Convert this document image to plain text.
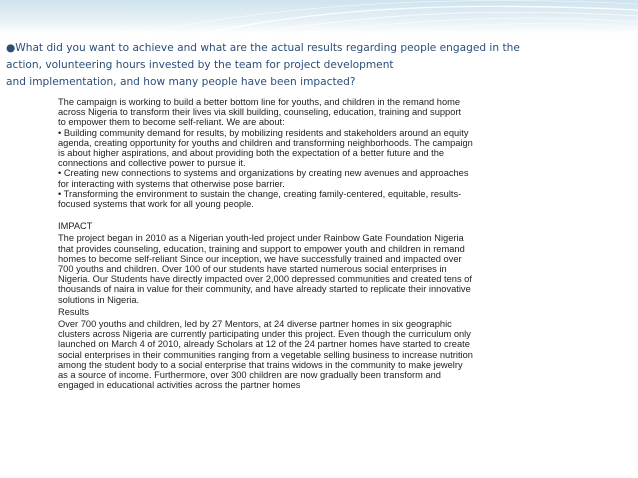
●What did you want to achieve and what are the actual results regarding people engaged in the
action, volunteering hours invested by the team for project development
and implementation, and how many people have been impacted?
The campaign is working to build a better bottom line for youths, and children in the remand home
across Nigeria to transform their lives via skill building, counseling, education, training and support
to empower them to become self-reliant. We are about:
• Building community demand for results, by mobilizing residents and stakeholders around an equity
agenda, creating opportunity for youths and children and transforming neighborhoods. The campaign
is about higher aspirations, and about providing both the expectation of a better future and the
connections and collective power to pursue it.
• Creating new connections to systems and organizations by creating new avenues and approaches
for interacting with systems that otherwise pose barrier.
• Transforming the environment to sustain the change, creating family-centered, equitable, results-
focused systems that work for all young people.
IMPACT
The project began in 2010 as a Nigerian youth-led project under Rainbow Gate Foundation Nigeria
that provides counseling, education, training and support to empower youth and children in remand
homes to become self-reliant Since our inception, we have successfully trained and impacted over
700 youths and children. Over 100 of our students have started numerous social enterprises in
Nigeria. Our Students have directly impacted over 2,000 depressed communities and created tens of
thousands of naira in value for their community, and have already started to replicate their innovative
solutions in Nigeria.
Results
Over 700 youths and children, led by 27 Mentors, at 24 diverse partner homes in six geographic
clusters across Nigeria are currently participating under this project. Even though the curriculum only
launched on March 4 of 2010, already Scholars at 12 of the 24 partner homes have started to create
social enterprises in their communities ranging from a vegetable selling business to increase nutrition
among the student body to a social enterprise that trains widows in the community to make jewelry
as a source of income. Furthermore, over 300 children are now gradually been transform and
engaged in educational activities across the partner homes
